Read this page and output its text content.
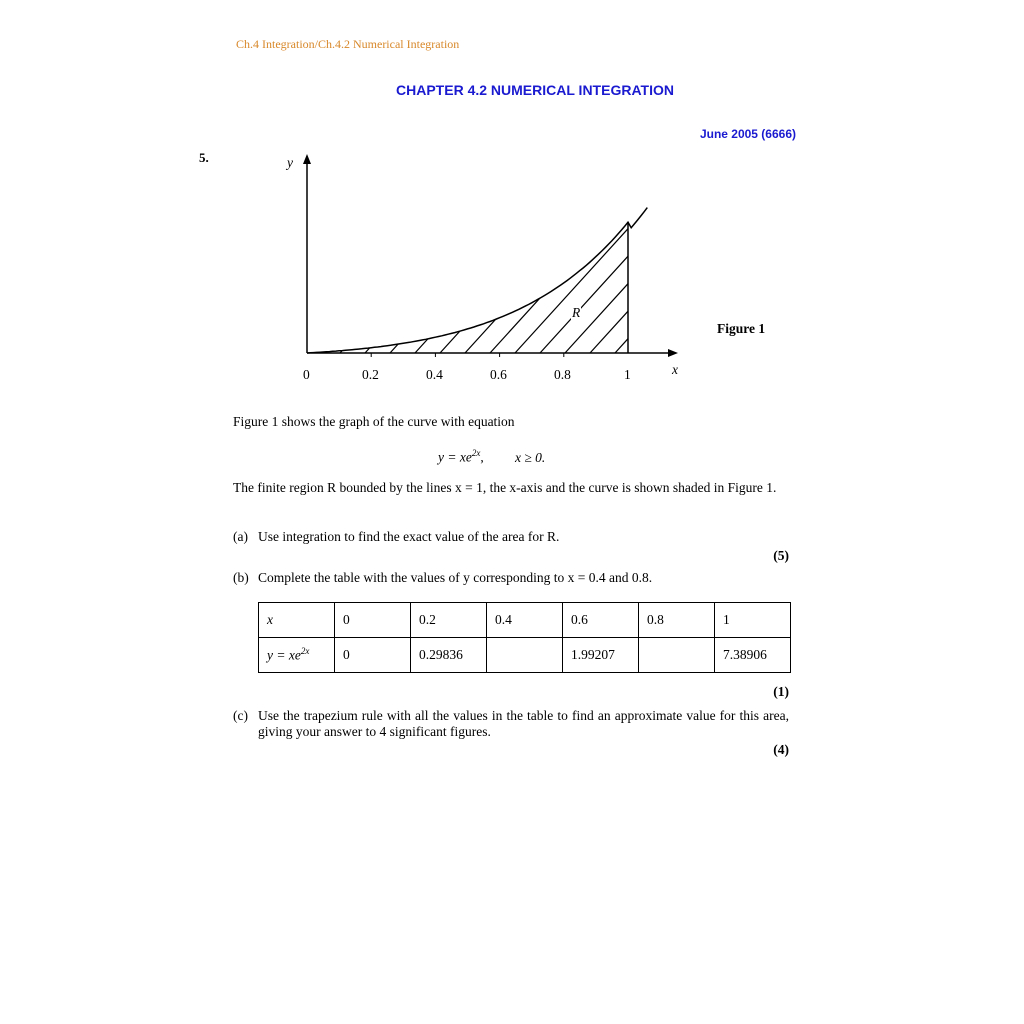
Ch.4 Integration/Ch.4.2 Numerical Integration
CHAPTER 4.2 NUMERICAL INTEGRATION
June 2005 (6666)
5.	y
x
R
0	0.2	0.4	0.6	0.8	1
Figure 1
Figure 1 shows the graph of the curve with equation
$y = xe^{2x}$, x ≥ 0.
The finite region R bounded by the lines x = 1, the x-axis and the curve is shown shaded in Figure 1.
(a) Use integration to find the exact value of the area for R.
(5)
(b) Complete the table with the values of y corresponding to x = 0.4 and 0.8.
x	0	0.2	0.4	0.6	0.8	1
$y = xe^{2x}$	0	0.29836		1.99207		7.38906
(1)
(c) Use the trapezium rule with all the values in the table to find an approximate value for this area, giving your answer to 4 significant figures.
(4)
